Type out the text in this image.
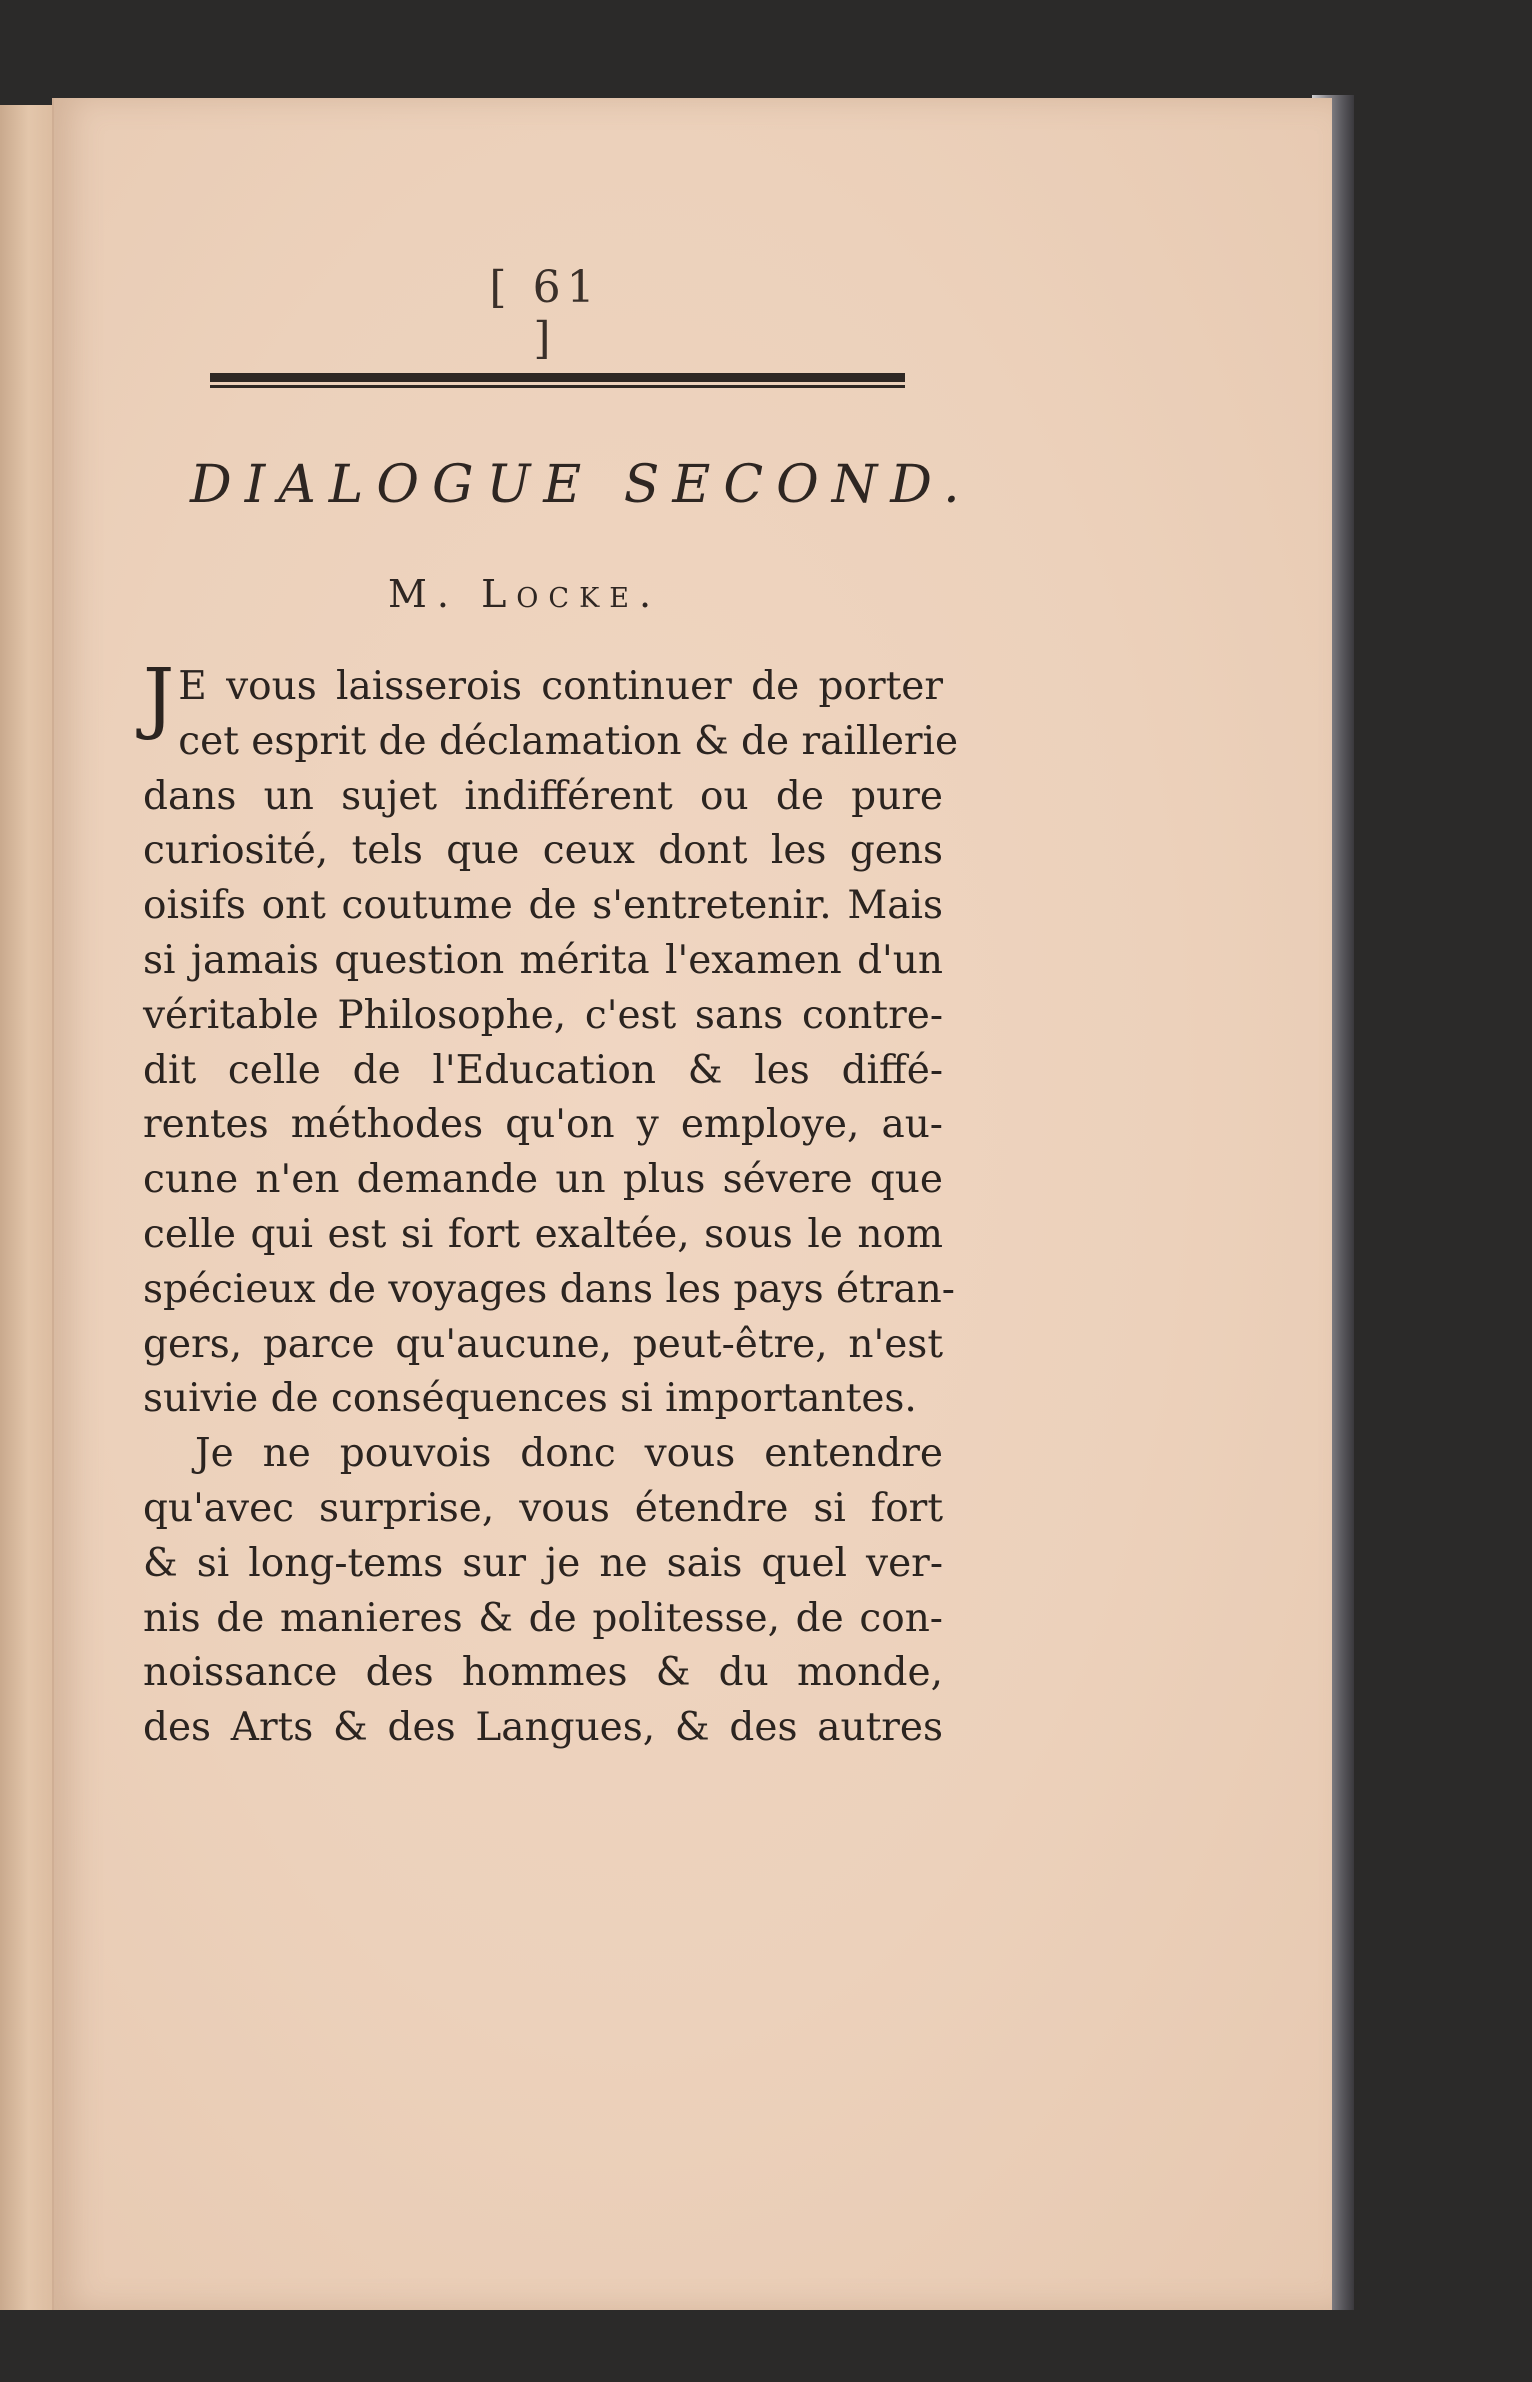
[ 61 ]
DIALOGUE SECOND.
M. Locke.
J E vous laisserois continuer de porter
cet esprit de déclamation & de raillerie
dans un sujet indifférent ou de pure
curiosité, tels que ceux dont les gens
oisifs ont coutume de s'entretenir. Mais
si jamais question mérita l'examen d'un
véritable Philosophe, c'est sans contre-
dit celle de l'Education & les diffé-
rentes méthodes qu'on y employe, au-
cune n'en demande un plus sévere que
celle qui est si fort exaltée, sous le nom
spécieux de voyages dans les pays étran-
gers, parce qu'aucune, peut-être, n'est
suivie de conséquences si importantes.
Je ne pouvois donc vous entendre
qu'avec surprise, vous étendre si fort
& si long-tems sur je ne sais quel ver-
nis de manieres & de politesse, de con-
noissance des hommes & du monde,
des Arts & des Langues, & des autres
